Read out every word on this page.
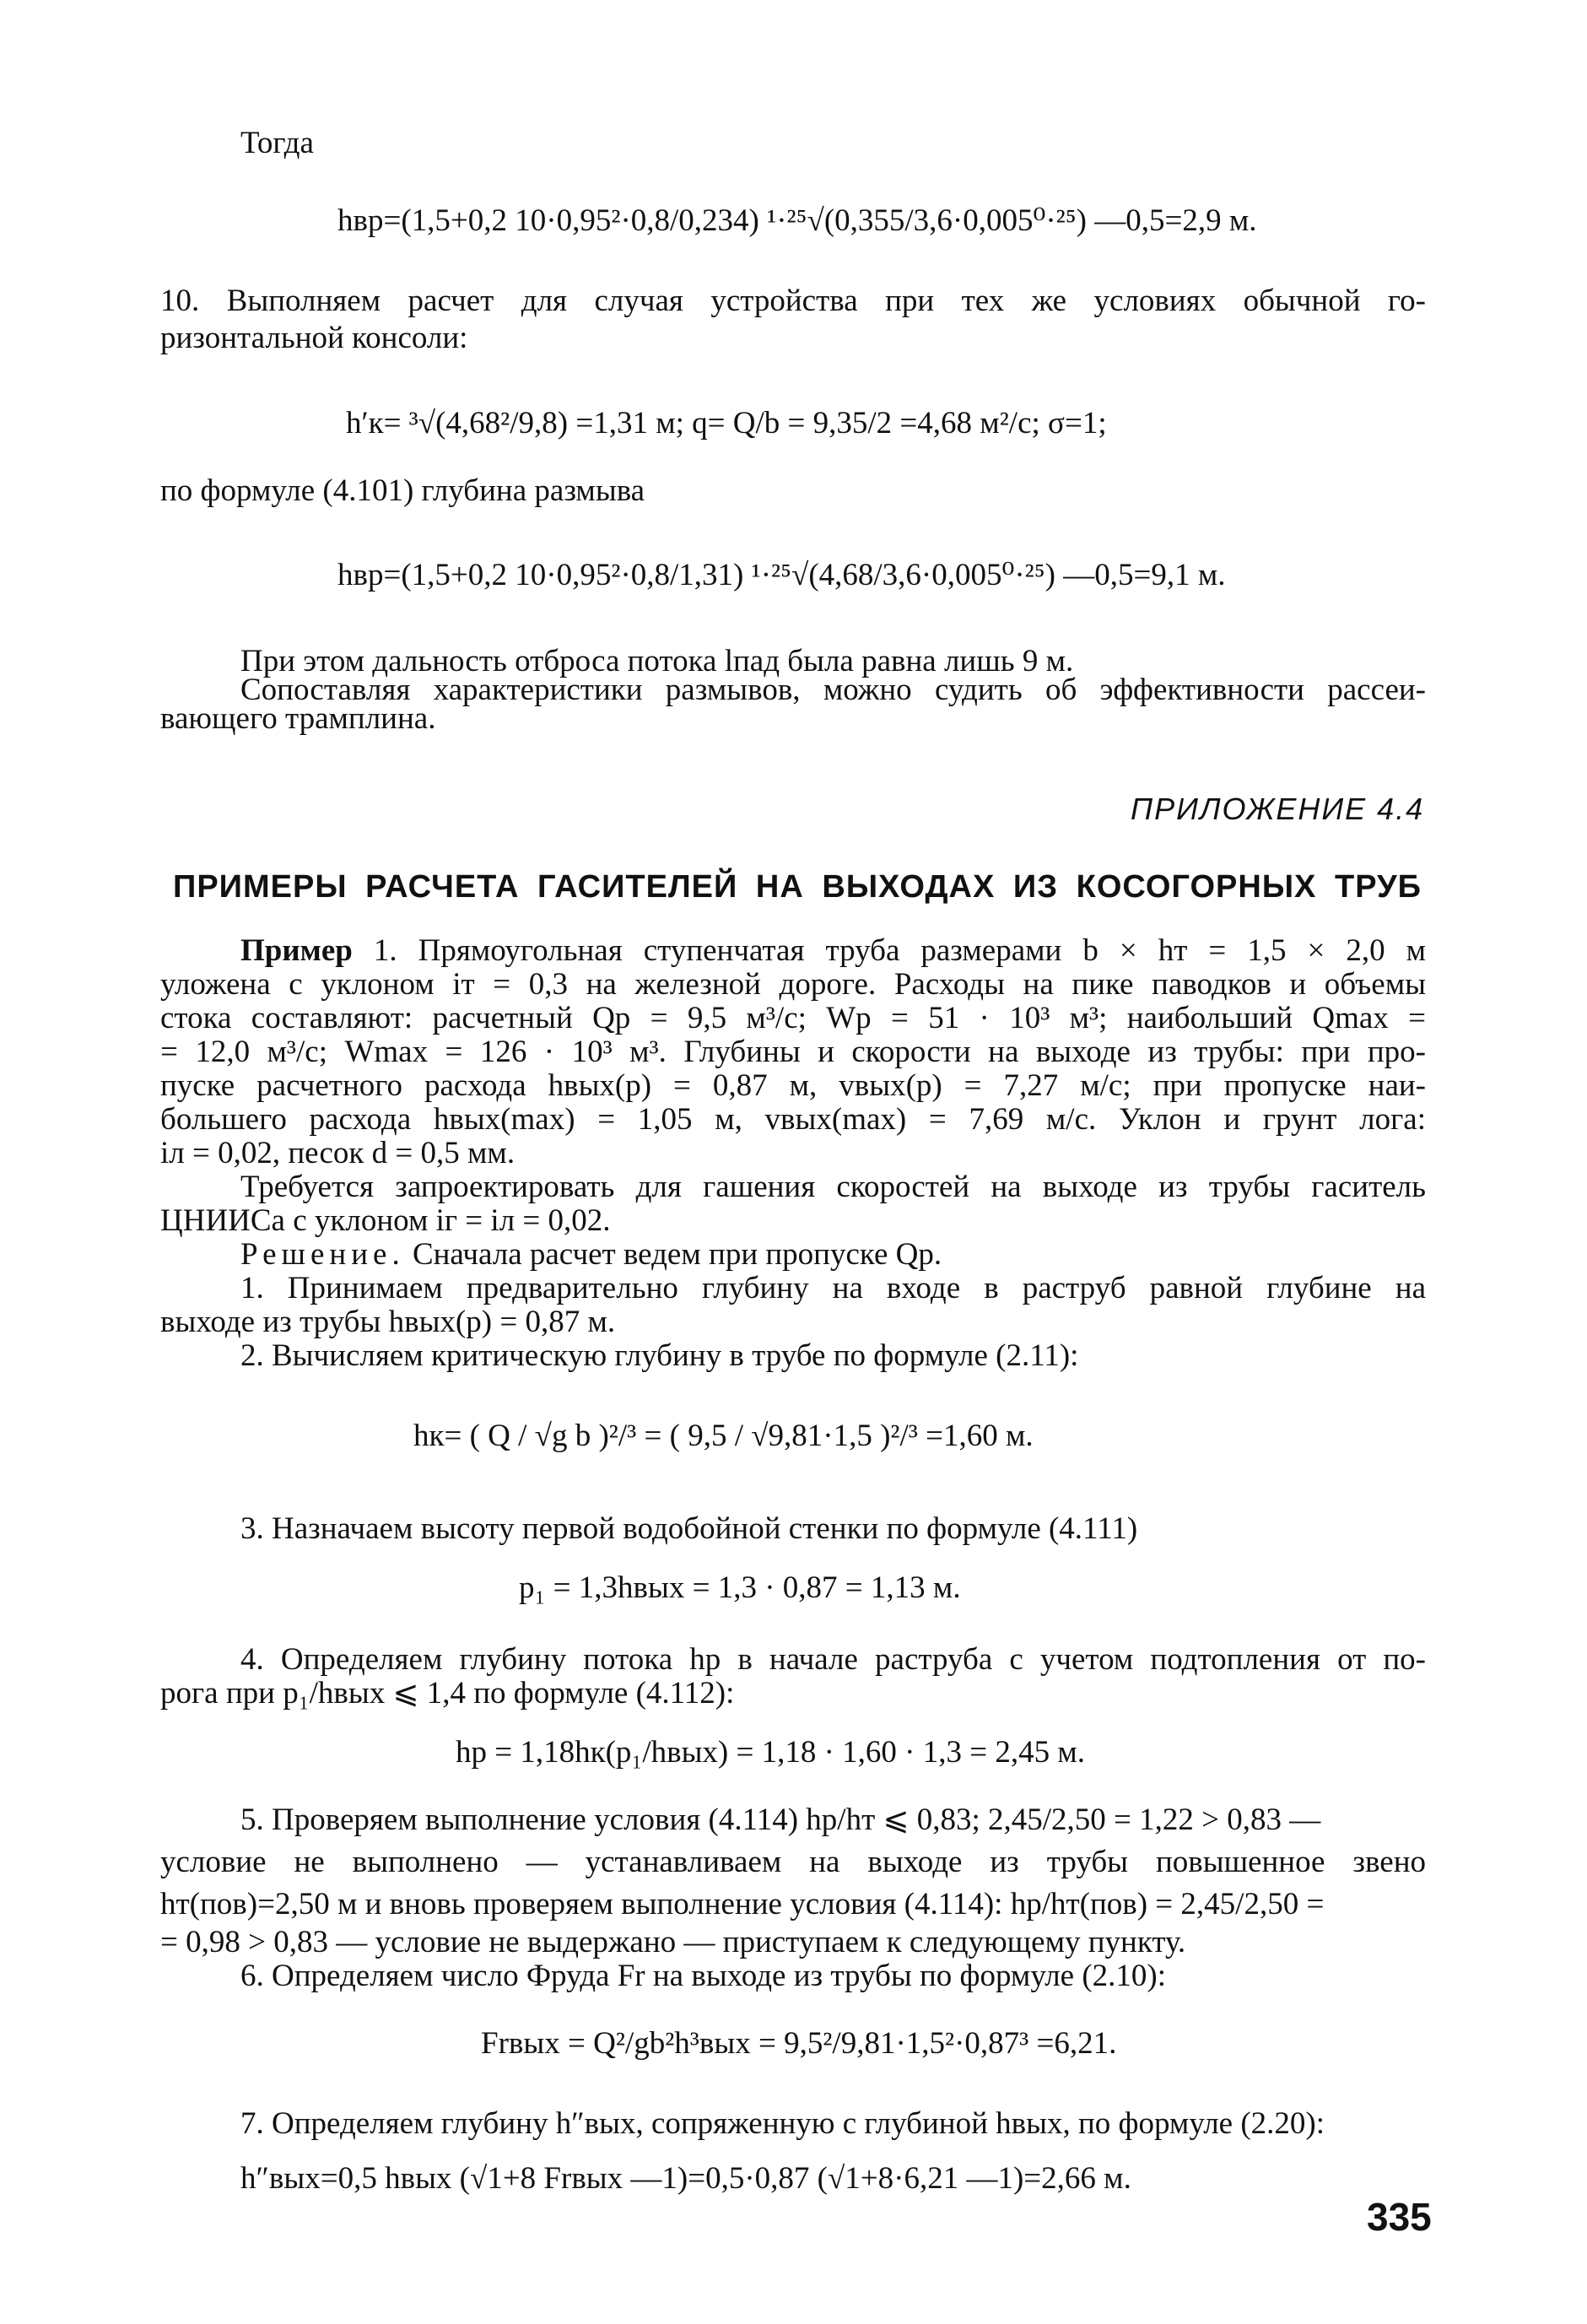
Тогда
hвр=(1,5+0,2 10·0,95²·0,8/0,234) ¹·²⁵√(0,355/3,6·0,005⁰·²⁵) —0,5=2,9 м.
10. Выполняем расчет для случая устройства при тех же условиях обычной го-
ризонтальной консоли:
h′к= ³√(4,68²/9,8) =1,31 м; q= Q/b = 9,35/2 =4,68 м²/с; σ=1;
по формуле (4.101) глубина размыва
hвр=(1,5+0,2 10·0,95²·0,8/1,31) ¹·²⁵√(4,68/3,6·0,005⁰·²⁵) —0,5=9,1 м.
При этом дальность отброса потока lпад была равна лишь 9 м.
Сопоставляя характеристики размывов, можно судить об эффективности рассеи-
вающего трамплина.
ПРИЛОЖЕНИЕ 4.4
ПРИМЕРЫ РАСЧЕТА ГАСИТЕЛЕЙ НА ВЫХОДАХ ИЗ КОСОГОРНЫХ ТРУБ
Пример 1. Прямоугольная ступенчатая труба размерами b × hт = 1,5 × 2,0 м
уложена с уклоном iт = 0,3 на железной дороге. Расходы на пике паводков и объемы
стока составляют: расчетный Qр = 9,5 м³/с; Wр = 51 · 10³ м³; наибольший Qmax =
= 12,0 м³/с; Wmax = 126 · 10³ м³. Глубины и скорости на выходе из трубы: при про-
пуске расчетного расхода hвых(р) = 0,87 м, vвых(р) = 7,27 м/с; при пропуске наи-
большего расхода hвых(max) = 1,05 м, vвых(max) = 7,69 м/с. Уклон и грунт лога:
iл = 0,02, песок d = 0,5 мм.
Требуется запроектировать для гашения скоростей на выходе из трубы гаситель
ЦНИИСа с уклоном iг = iл = 0,02.
Решение. Сначала расчет ведем при пропуске Qр.
1. Принимаем предварительно глубину на входе в раструб равной глубине на
выходе из трубы hвых(р) = 0,87 м.
2. Вычисляем критическую глубину в трубе по формуле (2.11):
hк= ( Q / √g b )²/³ = ( 9,5 / √9,81·1,5 )²/³ =1,60 м.
3. Назначаем высоту первой водобойной стенки по формуле (4.111)
p₁ = 1,3hвых = 1,3 · 0,87 = 1,13 м.
4. Определяем глубину потока hр в начале раструба с учетом подтопления от по-
рога при p₁/hвых ⩽ 1,4 по формуле (4.112):
hр = 1,18hк(p₁/hвых) = 1,18 · 1,60 · 1,3 = 2,45 м.
5. Проверяем выполнение условия (4.114) hр/hт ⩽ 0,83; 2,45/2,50 = 1,22 > 0,83 —
условие не выполнено — устанавливаем на выходе из трубы повышенное звено
hт(пов)=2,50 м и вновь проверяем выполнение условия (4.114): hр/hт(пов) = 2,45/2,50 =
= 0,98 > 0,83 — условие не выдержано — приступаем к следующему пункту.
6. Определяем число Фруда Fr на выходе из трубы по формуле (2.10):
Frвых = Q²/gb²h³вых = 9,5²/9,81·1,5²·0,87³ =6,21.
7. Определяем глубину h″вых, сопряженную с глубиной hвых, по формуле (2.20):
h″вых=0,5 hвых (√1+8 Frвых —1)=0,5·0,87 (√1+8·6,21 —1)=2,66 м.
335
